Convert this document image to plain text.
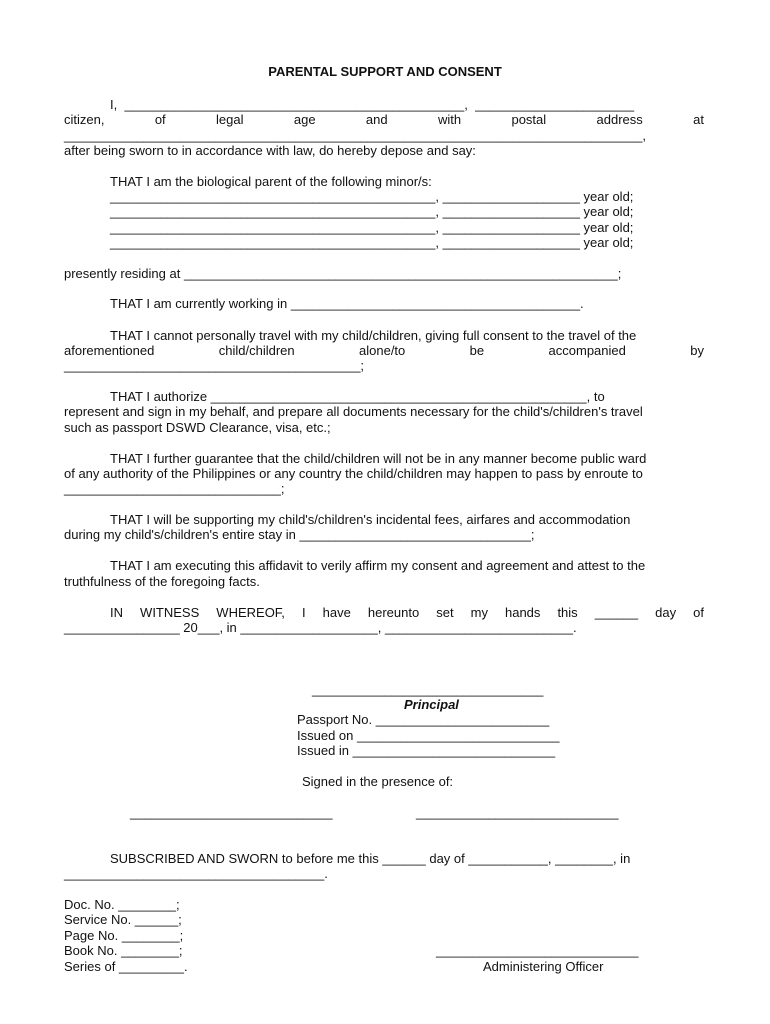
PARENTAL SUPPORT AND CONSENT
I,  _______________________________________________,  ______________________
citizen, of legal age and with postal address at
________________________________________________________________________________,
after being sworn to in accordance with law, do hereby depose and say:
THAT I am the biological parent of the following minor/s:
_____________________________________________, ___________________ year old;
_____________________________________________, ___________________ year old;
_____________________________________________, ___________________ year old;
_____________________________________________, ___________________ year old;
presently residing at ____________________________________________________________;
THAT I am currently working in ________________________________________.
THAT I cannot personally travel with my child/children, giving full consent to the travel of the
aforementioned child/children alone/to be accompanied by
_________________________________________;
THAT I authorize ____________________________________________________, to
represent and sign in my behalf, and prepare all documents necessary for the child's/children's travel
such as passport DSWD Clearance, visa, etc.;
THAT I further guarantee that the child/children will not be in any manner become public ward
of any authority of the Philippines or any country the child/children may happen to pass by enroute to
______________________________;
THAT I will be supporting my child's/children's incidental fees, airfares and accommodation
during my child's/children's entire stay in ________________________________;
THAT I am executing this affidavit to verily affirm my consent and agreement and attest to the
truthfulness of the foregoing facts.
IN WITNESS WHEREOF, I have hereunto set my hands this ______ day of
________________ 20___, in ___________________, __________________________.
________________________________
Principal
Passport No. ________________________
Issued on ____________________________
Issued in ____________________________
Signed in the presence of:
____________________________	____________________________
SUBSCRIBED AND SWORN to before me this ______ day of ___________, ________, in
____________________________________.
Doc. No. ________;
Service No. ______;
Page No. ________;
Book No. ________;
Series of _________.
____________________________
Administering Officer
